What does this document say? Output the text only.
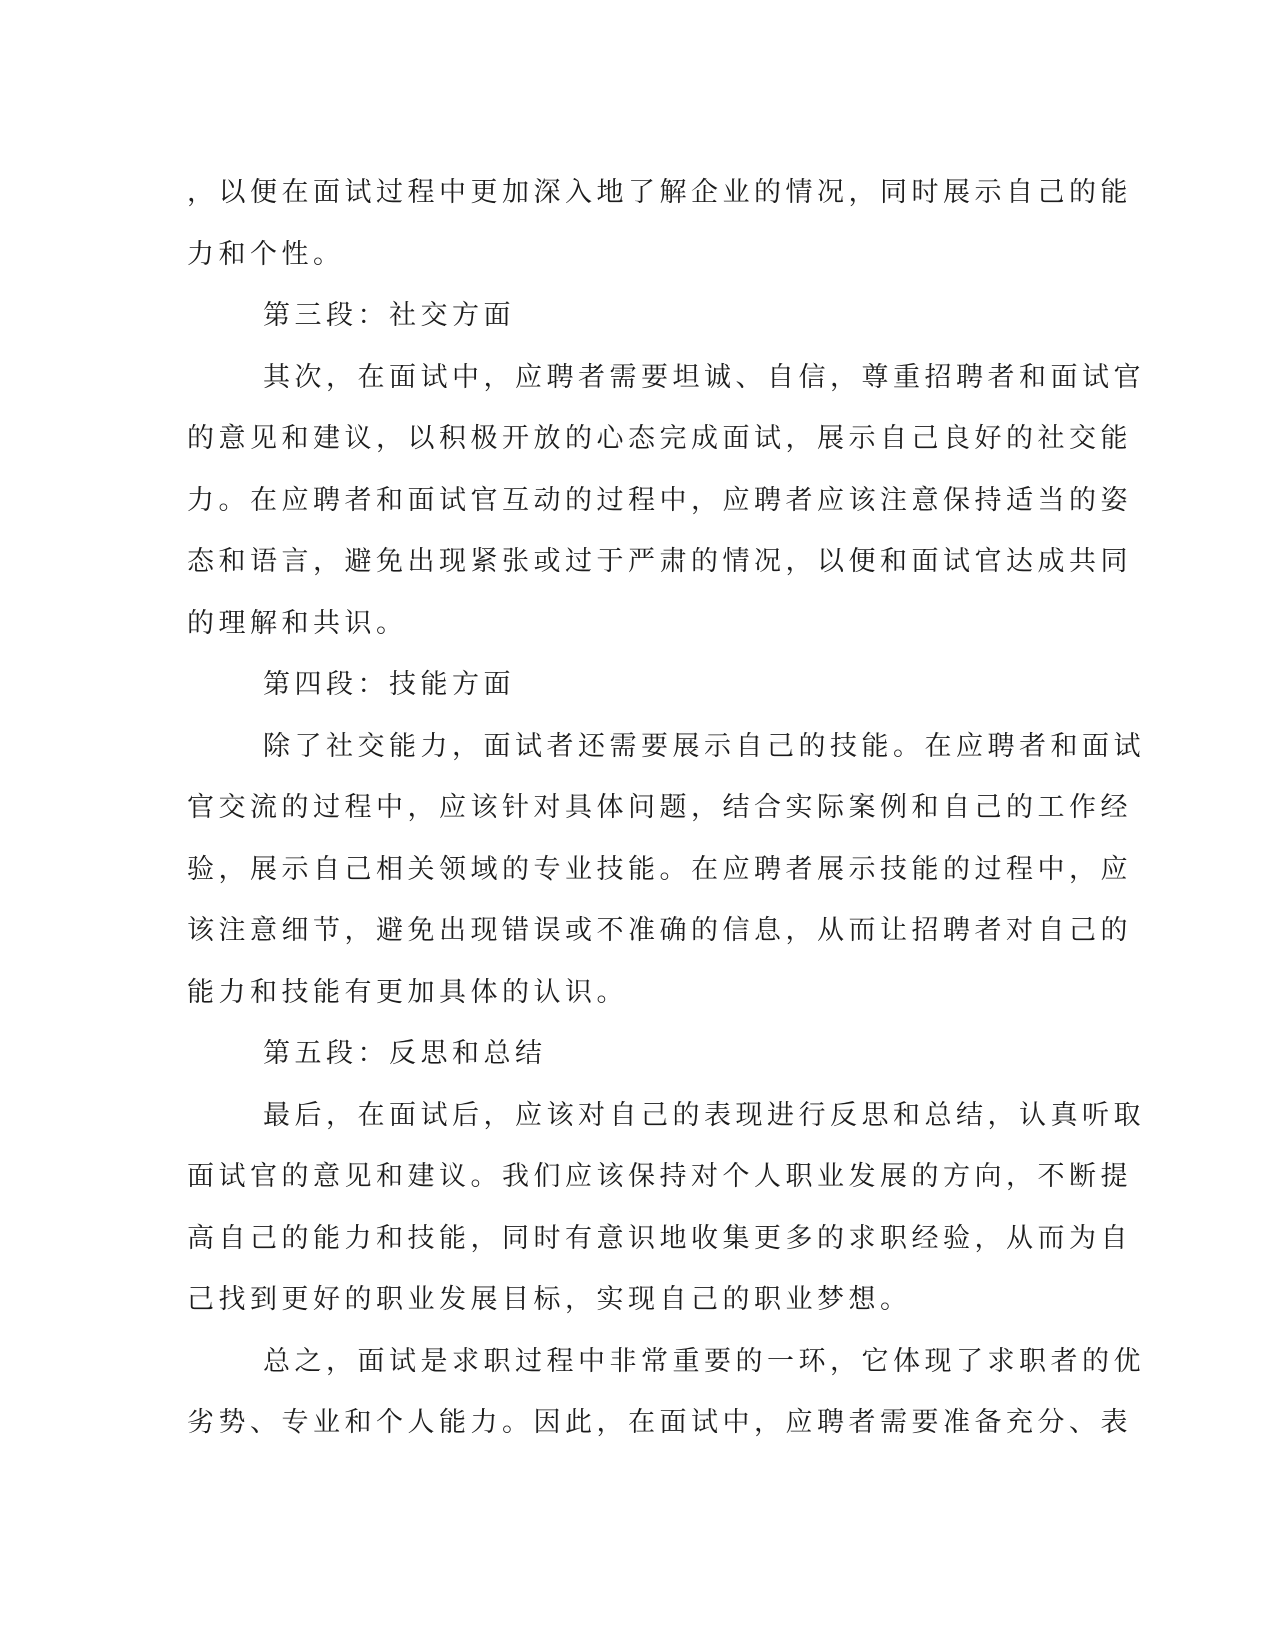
，以便在面试过程中更加深入地了解企业的情况，同时展示自己的能
力和个性。
第三段：社交方面
其次，在面试中，应聘者需要坦诚、自信，尊重招聘者和面试官
的意见和建议，以积极开放的心态完成面试，展示自己良好的社交能
力。在应聘者和面试官互动的过程中，应聘者应该注意保持适当的姿
态和语言，避免出现紧张或过于严肃的情况，以便和面试官达成共同
的理解和共识。
第四段：技能方面
除了社交能力，面试者还需要展示自己的技能。在应聘者和面试
官交流的过程中，应该针对具体问题，结合实际案例和自己的工作经
验，展示自己相关领域的专业技能。在应聘者展示技能的过程中，应
该注意细节，避免出现错误或不准确的信息，从而让招聘者对自己的
能力和技能有更加具体的认识。
第五段：反思和总结
最后，在面试后，应该对自己的表现进行反思和总结，认真听取
面试官的意见和建议。我们应该保持对个人职业发展的方向，不断提
高自己的能力和技能，同时有意识地收集更多的求职经验，从而为自
己找到更好的职业发展目标，实现自己的职业梦想。
总之，面试是求职过程中非常重要的一环，它体现了求职者的优
劣势、专业和个人能力。因此，在面试中，应聘者需要准备充分、表
